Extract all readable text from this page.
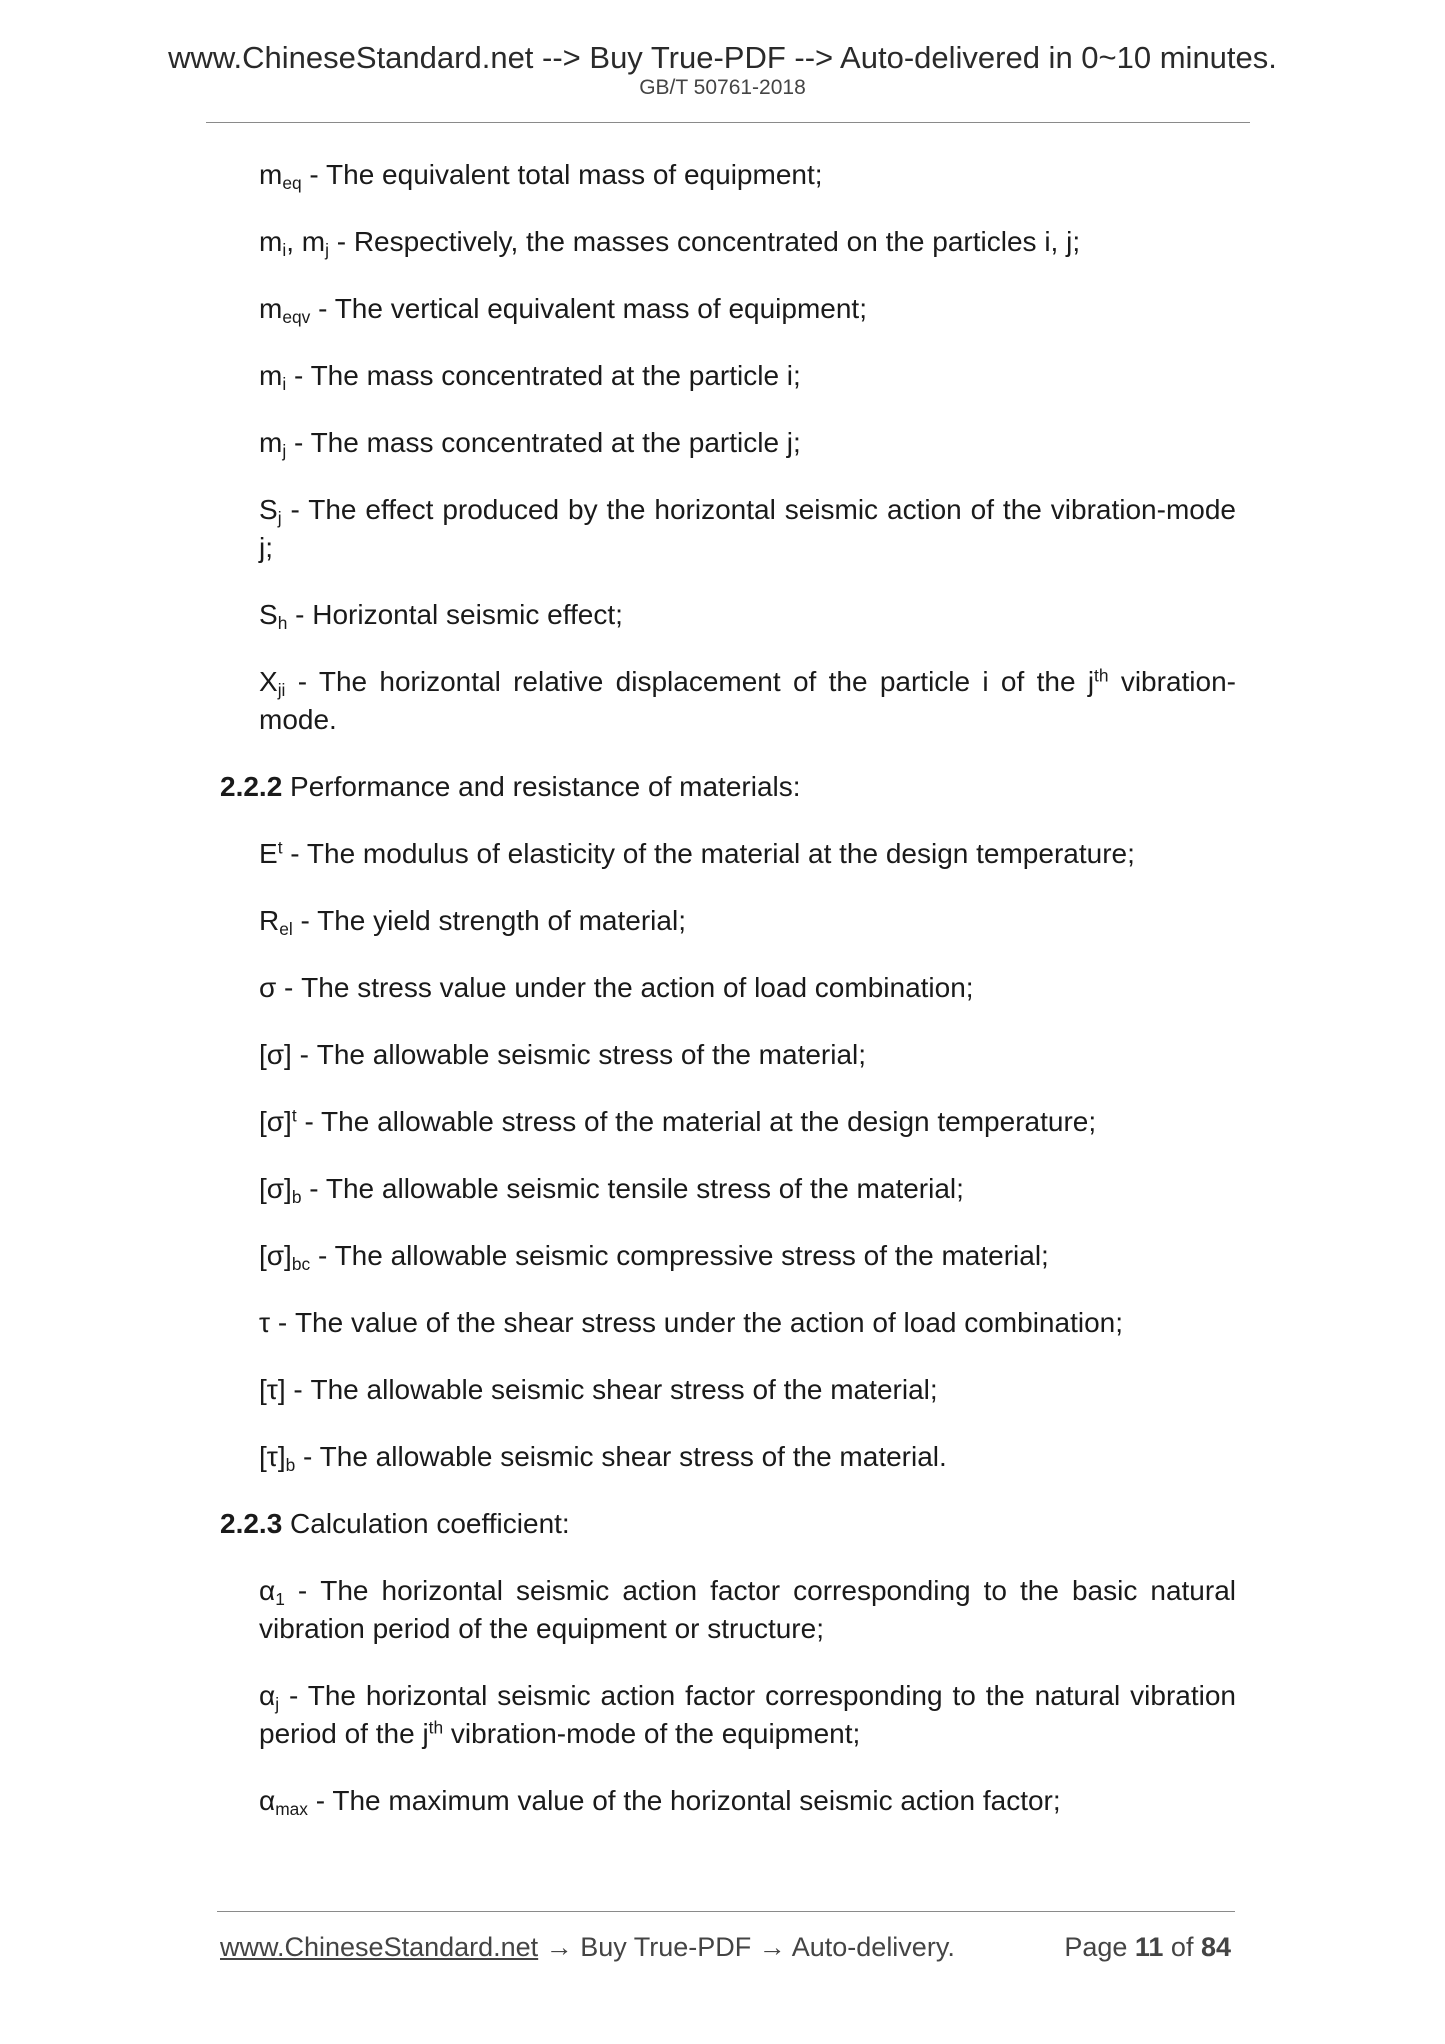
www.ChineseStandard.net --> Buy True-PDF --> Auto-delivered in 0~10 minutes.
GB/T 50761-2018

$m_{eq}$ - The equivalent total mass of equipment;

$m_i$, $m_j$ - Respectively, the masses concentrated on the particles i, j;

$m_{eqv}$ - The vertical equivalent mass of equipment;

$m_i$ - The mass concentrated at the particle i;

$m_j$ - The mass concentrated at the particle j;

$S_j$ - The effect produced by the horizontal seismic action of the vibration-mode j;

$S_h$ - Horizontal seismic effect;

$X_{ji}$ - The horizontal relative displacement of the particle i of the $j^{th}$ vibration-mode.

2.2.2 Performance and resistance of materials:

$E^t$ - The modulus of elasticity of the material at the design temperature;

$R_{el}$ - The yield strength of material;

σ - The stress value under the action of load combination;

[σ] - The allowable seismic stress of the material;

$[\sigma]^t$ - The allowable stress of the material at the design temperature;

$[\sigma]_b$ - The allowable seismic tensile stress of the material;

$[\sigma]_{bc}$ - The allowable seismic compressive stress of the material;

τ - The value of the shear stress under the action of load combination;

[τ] - The allowable seismic shear stress of the material;

$[\tau]_b$ - The allowable seismic shear stress of the material.

2.2.3 Calculation coefficient:

$\alpha_1$ - The horizontal seismic action factor corresponding to the basic natural vibration period of the equipment or structure;

$\alpha_j$ - The horizontal seismic action factor corresponding to the natural vibration period of the $j^{th}$ vibration-mode of the equipment;

$\alpha_{max}$ - The maximum value of the horizontal seismic action factor;

www.ChineseStandard.net → Buy True-PDF → Auto-delivery.	Page 11 of 84
